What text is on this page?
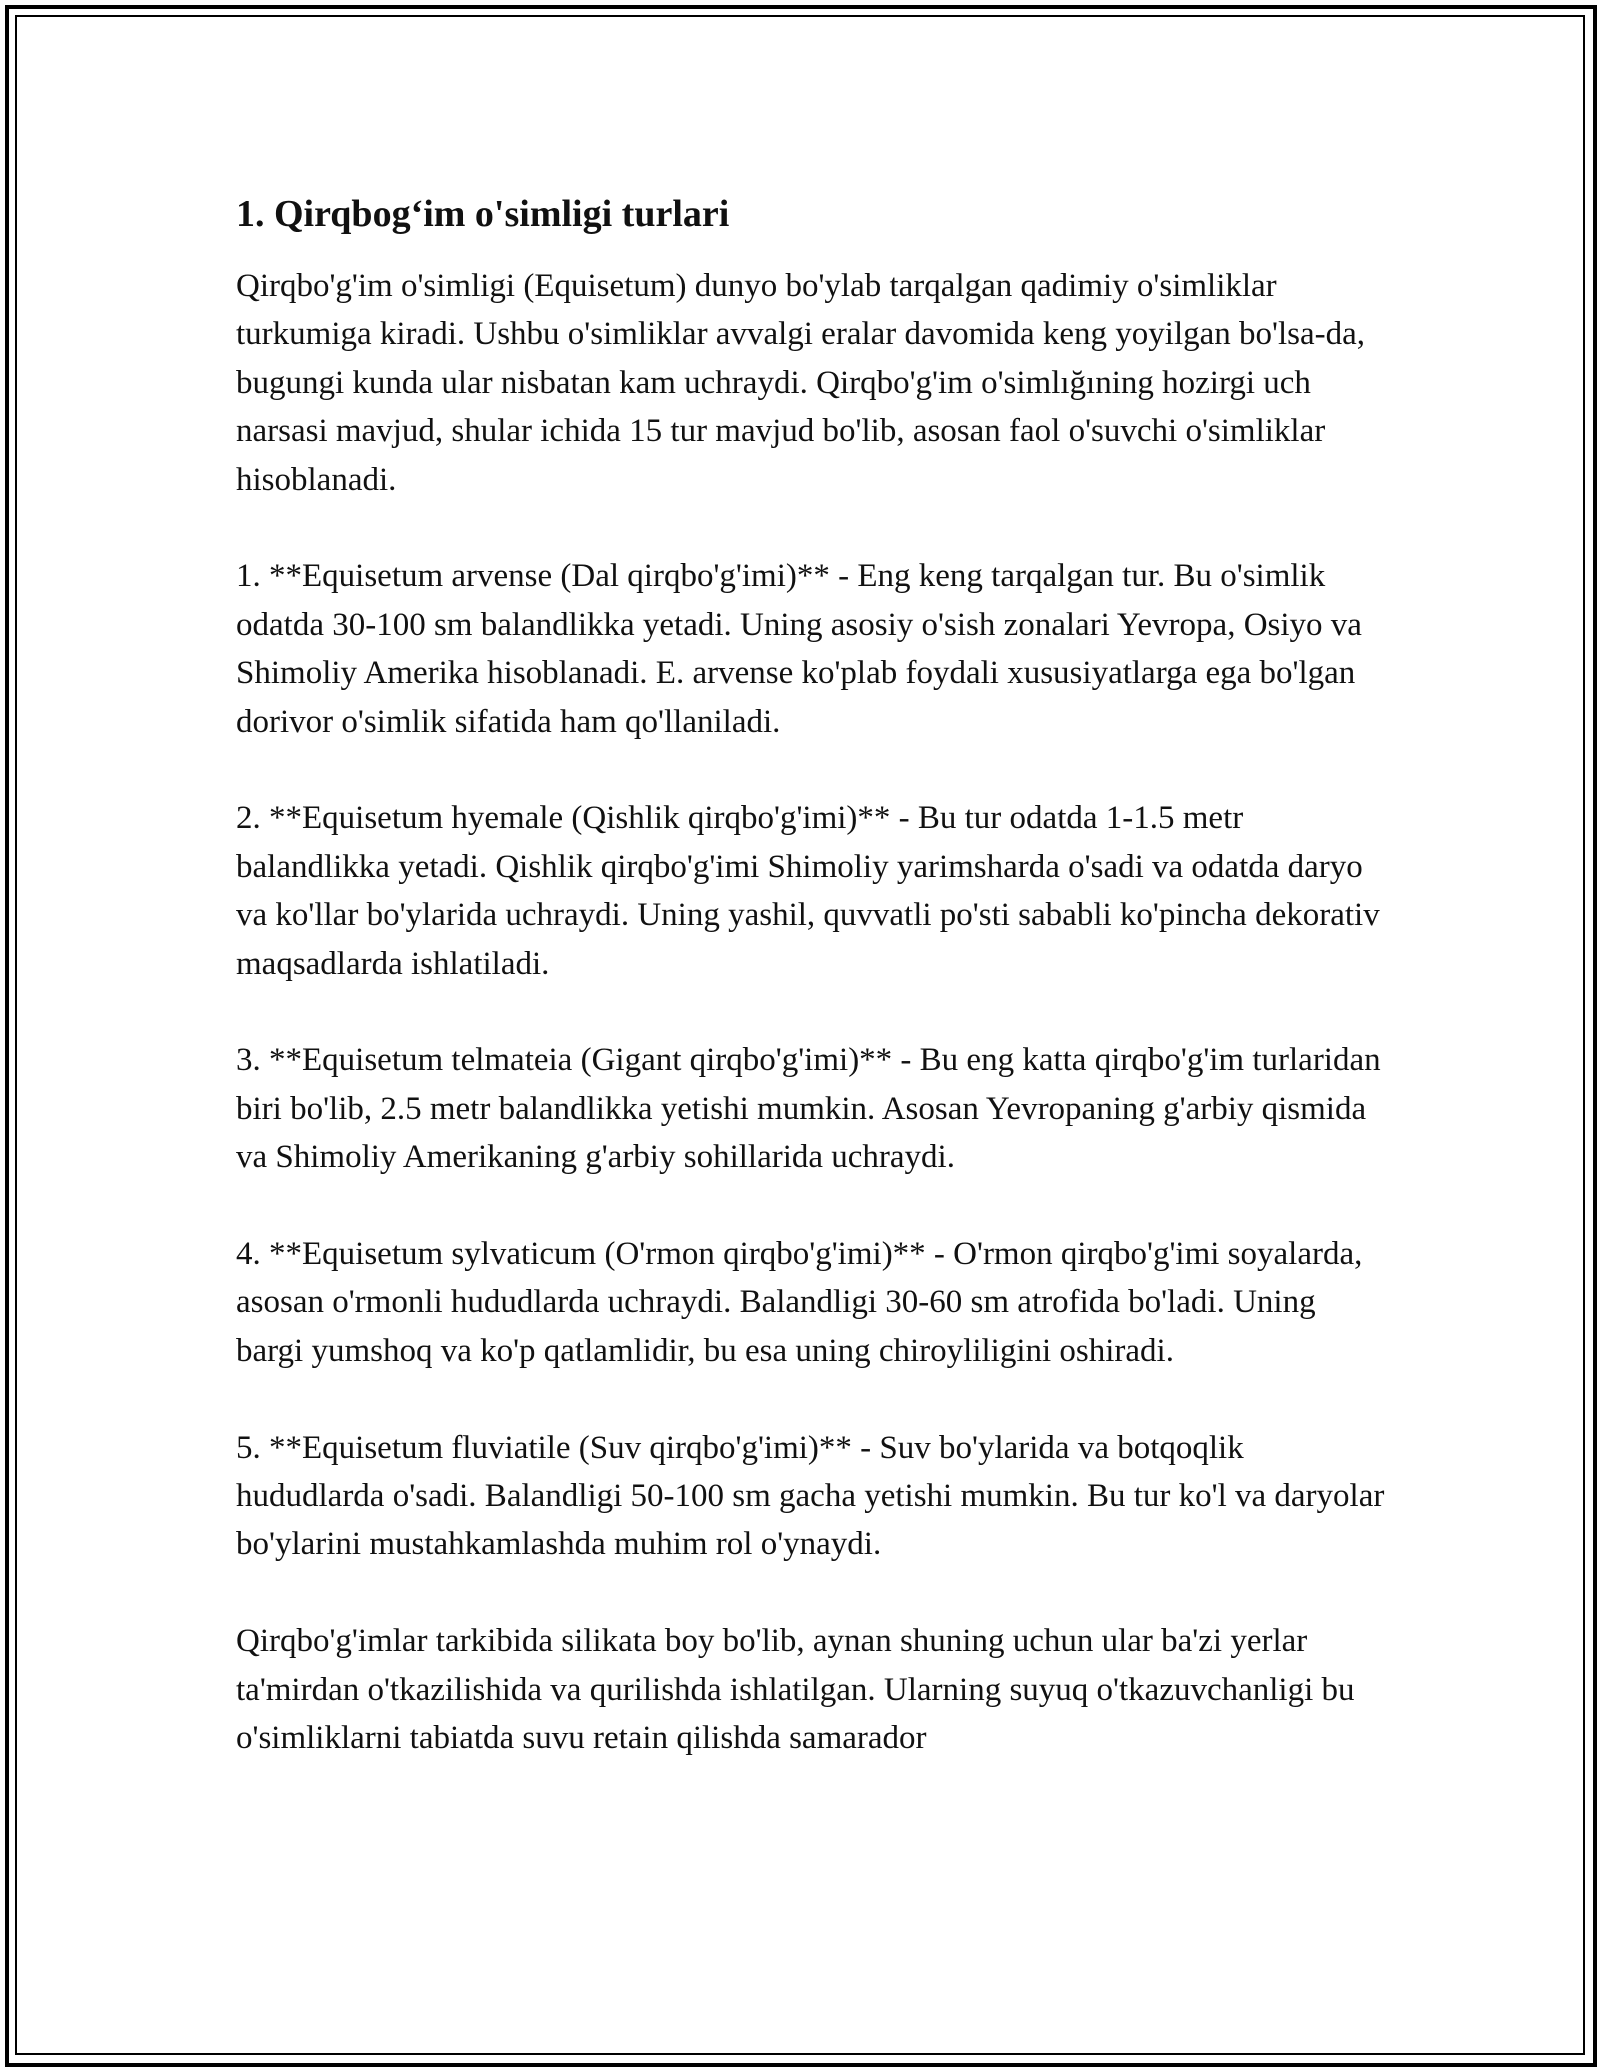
1. Qirqbog‘im o'simligi turlari

Qirqbo'g'im o'simligi (Equisetum) dunyo bo'ylab tarqalgan qadimiy o'simliklar turkumiga kiradi. Ushbu o'simliklar avvalgi eralar davomida keng yoyilgan bo'lsa-da, bugungi kunda ular nisbatan kam uchraydi. Qirqbo'g'im o'simlığıning hozirgi uch narsasi mavjud, shular ichida 15 tur mavjud bo'lib, asosan faol o'suvchi o'simliklar hisoblanadi.

1. **Equisetum arvense (Dal qirqbo'g'imi)** - Eng keng tarqalgan tur. Bu o'simlik odatda 30-100 sm balandlikka yetadi. Uning asosiy o'sish zonalari Yevropa, Osiyo va Shimoliy Amerika hisoblanadi. E. arvense ko'plab foydali xususiyatlarga ega bo'lgan dorivor o'simlik sifatida ham qo'llaniladi.

2. **Equisetum hyemale (Qishlik qirqbo'g'imi)** - Bu tur odatda 1-1.5 metr balandlikka yetadi. Qishlik qirqbo'g'imi Shimoliy yarimsharda o'sadi va odatda daryo va ko'llar bo'ylarida uchraydi. Uning yashil, quvvatli po'sti sababli ko'pincha dekorativ maqsadlarda ishlatiladi.

3. **Equisetum telmateia (Gigant qirqbo'g'imi)** - Bu eng katta qirqbo'g'im turlaridan biri bo'lib, 2.5 metr balandlikka yetishi mumkin. Asosan Yevropaning g'arbiy qismida va Shimoliy Amerikaning g'arbiy sohillarida uchraydi.

4. **Equisetum sylvaticum (O'rmon qirqbo'g'imi)** - O'rmon qirqbo'g'imi soyalarda, asosan o'rmonli hududlarda uchraydi. Balandligi 30-60 sm atrofida bo'ladi. Uning bargi yumshoq va ko'p qatlamlidir, bu esa uning chiroyliligini oshiradi.

5. **Equisetum fluviatile (Suv qirqbo'g'imi)** - Suv bo'ylarida va botqoqlik hududlarda o'sadi. Balandligi 50-100 sm gacha yetishi mumkin. Bu tur ko'l va daryolar bo'ylarini mustahkamlashda muhim rol o'ynaydi.

Qirqbo'g'imlar tarkibida silikata boy bo'lib, aynan shuning uchun ular ba'zi yerlar ta'mirdan o'tkazilishida va qurilishda ishlatilgan. Ularning suyuq o'tkazuvchanligi bu o'simliklarni tabiatda suvu retain qilishda samarador
